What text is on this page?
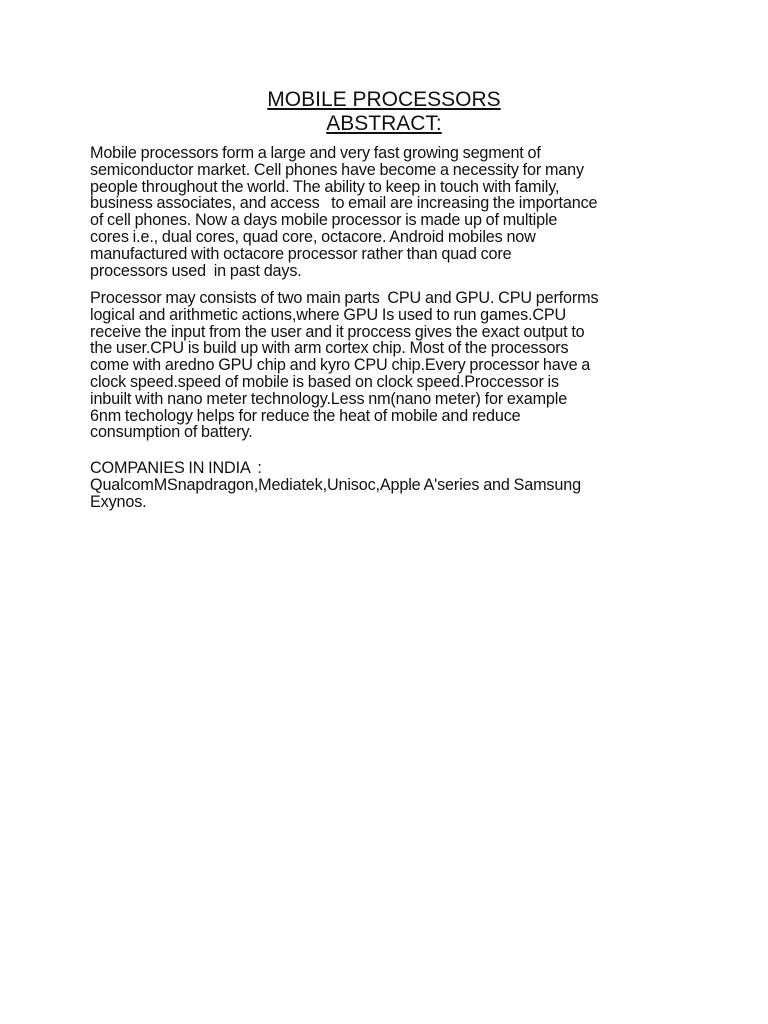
MOBILE PROCESSORS
ABSTRACT:

Mobile processors form a large and very fast growing segment of
semiconductor market. Cell phones have become a necessity for many
people throughout the world. The ability to keep in touch with family,
business associates, and access   to email are increasing the importance
of cell phones. Now a days mobile processor is made up of multiple
cores i.e., dual cores, quad core, octacore. Android mobiles now
manufactured with octacore processor rather than quad core
processors used  in past days.

Processor may consists of two main parts  CPU and GPU. CPU performs
logical and arithmetic actions,where GPU Is used to run games.CPU
receive the input from the user and it proccess gives the exact output to
the user.CPU is build up with arm cortex chip. Most of the processors
come with aredno GPU chip and kyro CPU chip.Every processor have a
clock speed.speed of mobile is based on clock speed.Proccessor is
inbuilt with nano meter technology.Less nm(nano meter) for example
6nm techology helps for reduce the heat of mobile and reduce
consumption of battery.

COMPANIES IN INDIA  :
QualcomMSnapdragon,Mediatek,Unisoc,Apple A'series and Samsung
Exynos.
